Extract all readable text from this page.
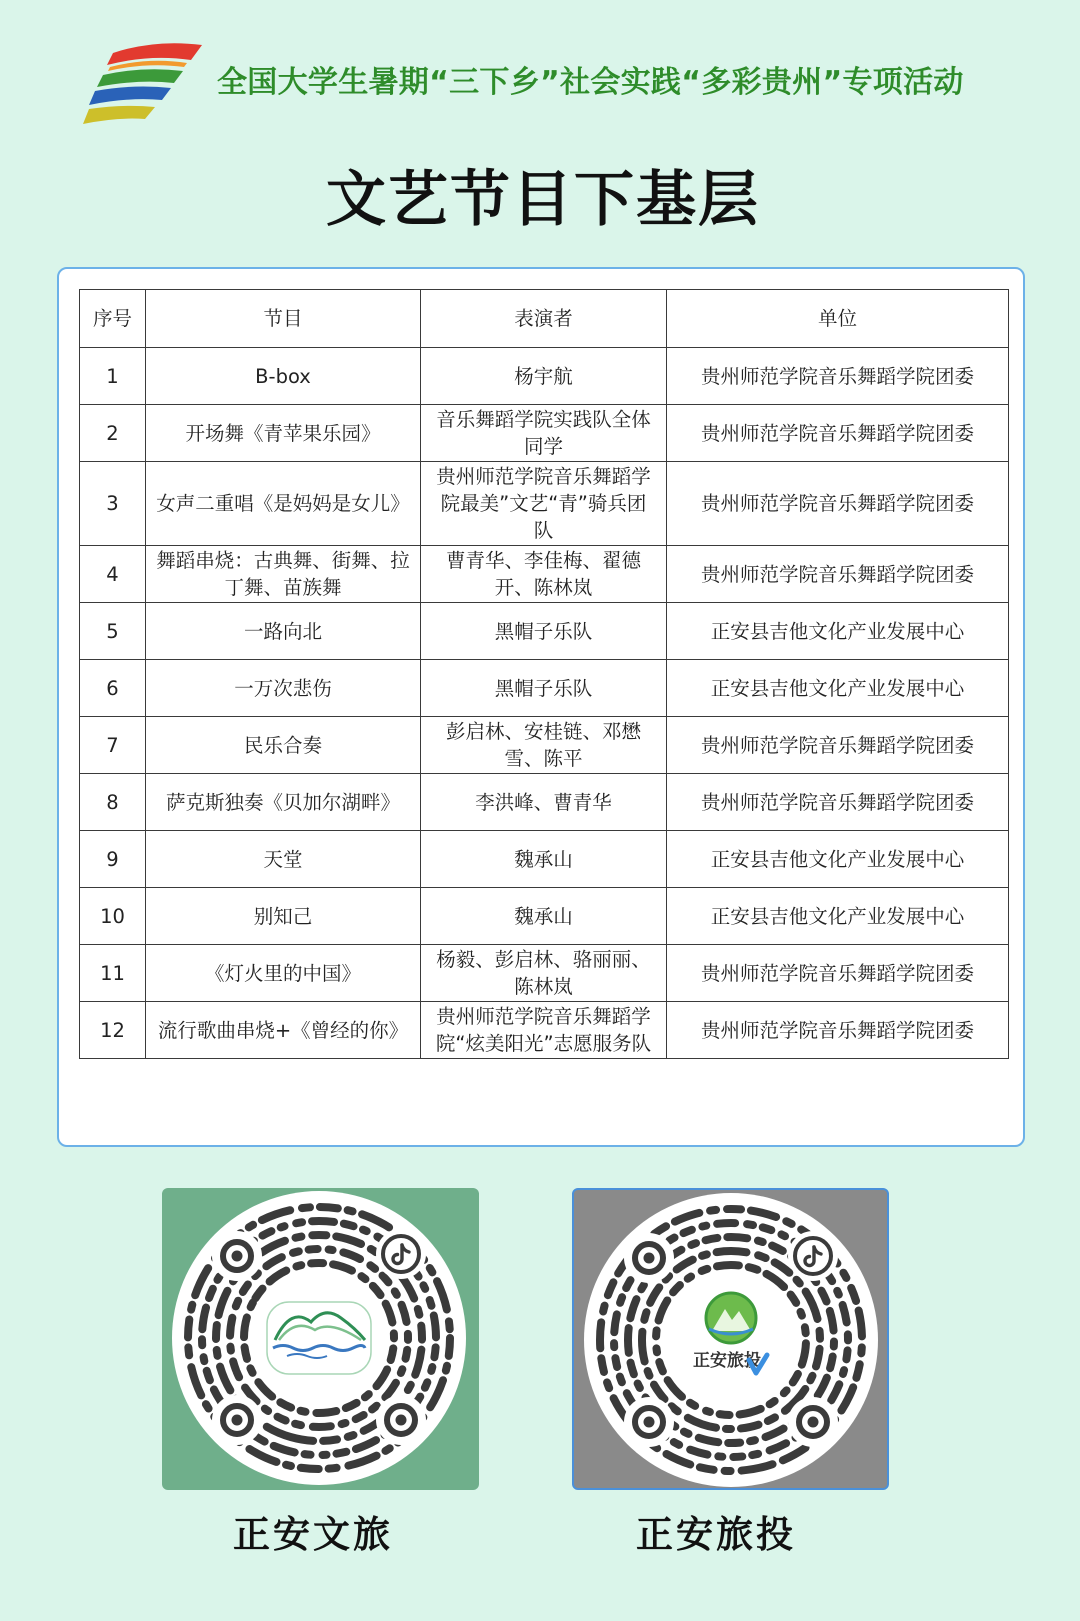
全国大学生暑期“三下乡”社会实践“多彩贵州”专项活动
文艺节目下基层
序号	节目	表演者	单位
1	B-box	杨宇航	贵州师范学院音乐舞蹈学院团委
2	开场舞《青苹果乐园》	音乐舞蹈学院实践队全体同学	贵州师范学院音乐舞蹈学院团委
3	女声二重唱《是妈妈是女儿》	贵州师范学院音乐舞蹈学院最美”文艺“青”骑兵团队	贵州师范学院音乐舞蹈学院团委
4	舞蹈串烧：古典舞、街舞、拉丁舞、苗族舞	曹青华、李佳梅、翟德开、陈林岚	贵州师范学院音乐舞蹈学院团委
5	一路向北	黑帽子乐队	正安县吉他文化产业发展中心
6	一万次悲伤	黑帽子乐队	正安县吉他文化产业发展中心
7	民乐合奏	彭启林、安桂链、邓懋雪、陈平	贵州师范学院音乐舞蹈学院团委
8	萨克斯独奏《贝加尔湖畔》	李洪峰、曹青华	贵州师范学院音乐舞蹈学院团委
9	天堂	魏承山	正安县吉他文化产业发展中心
10	别知己	魏承山	正安县吉他文化产业发展中心
11	《灯火里的中国》	杨毅、彭启林、骆丽丽、陈林岚	贵州师范学院音乐舞蹈学院团委
12	流行歌曲串烧+《曾经的你》	贵州师范学院音乐舞蹈学院“炫美阳光”志愿服务队	贵州师范学院音乐舞蹈学院团委
正安旅投
正安文旅	正安旅投
